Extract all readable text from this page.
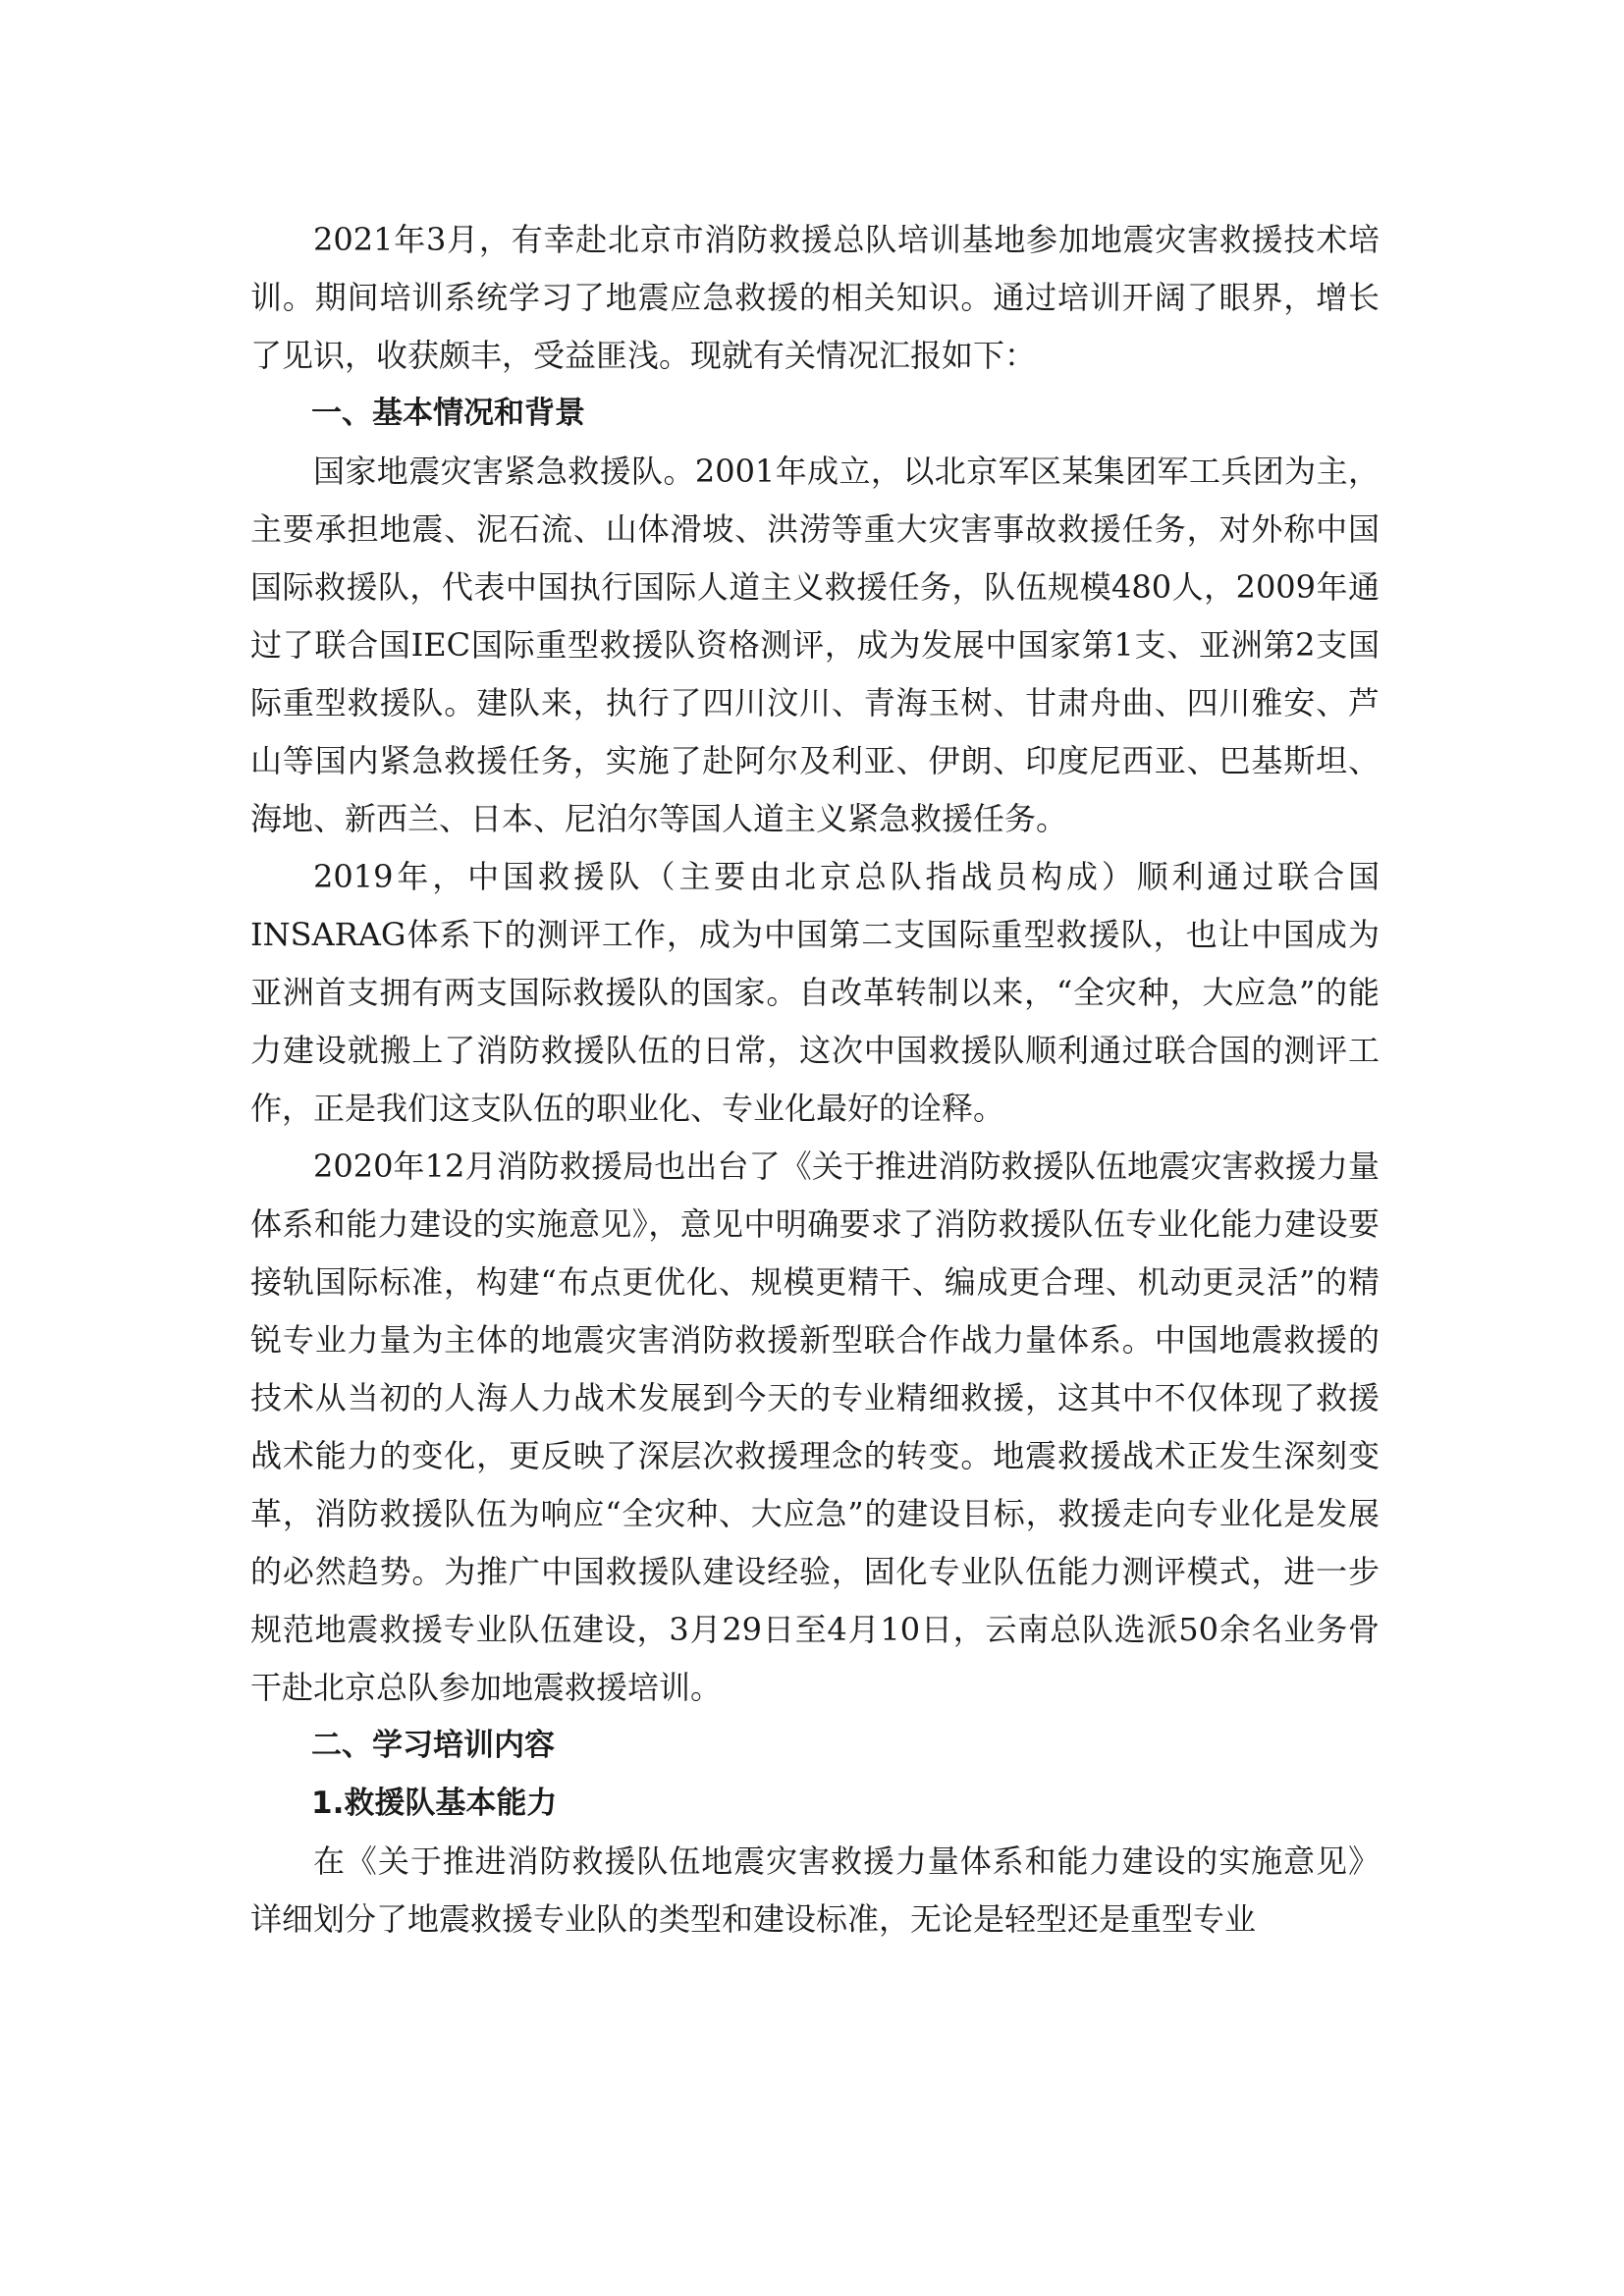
2021年3月，有幸赴北京市消防救援总队培训基地参加地震灾害救援技术培训。期间培训系统学习了地震应急救援的相关知识。通过培训开阔了眼界，增长了见识，收获颇丰，受益匪浅。现就有关情况汇报如下：

一、基本情况和背景

国家地震灾害紧急救援队。2001年成立，以北京军区某集团军工兵团为主，主要承担地震、泥石流、山体滑坡、洪涝等重大灾害事故救援任务，对外称中国国际救援队，代表中国执行国际人道主义救援任务，队伍规模480人，2009年通过了联合国IEC国际重型救援队资格测评，成为发展中国家第1支、亚洲第2支国际重型救援队。建队来，执行了四川汶川、青海玉树、甘肃舟曲、四川雅安、芦山等国内紧急救援任务，实施了赴阿尔及利亚、伊朗、印度尼西亚、巴基斯坦、海地、新西兰、日本、尼泊尔等国人道主义紧急救援任务。

2019年，中国救援队（主要由北京总队指战员构成）顺利通过联合国INSARAG体系下的测评工作，成为中国第二支国际重型救援队，也让中国成为亚洲首支拥有两支国际救援队的国家。自改革转制以来，“全灾种，大应急”的能力建设就搬上了消防救援队伍的日常，这次中国救援队顺利通过联合国的测评工作，正是我们这支队伍的职业化、专业化最好的诠释。

2020年12月消防救援局也出台了《关于推进消防救援队伍地震灾害救援力量体系和能力建设的实施意见》，意见中明确要求了消防救援队伍专业化能力建设要接轨国际标准，构建“布点更优化、规模更精干、编成更合理、机动更灵活”的精锐专业力量为主体的地震灾害消防救援新型联合作战力量体系。中国地震救援的技术从当初的人海人力战术发展到今天的专业精细救援，这其中不仅体现了救援战术能力的变化，更反映了深层次救援理念的转变。地震救援战术正发生深刻变革，消防救援队伍为响应“全灾种、大应急”的建设目标，救援走向专业化是发展的必然趋势。为推广中国救援队建设经验，固化专业队伍能力测评模式，进一步规范地震救援专业队伍建设，3月29日至4月10日，云南总队选派50余名业务骨干赴北京总队参加地震救援培训。

二、学习培训内容

1.救援队基本能力

在《关于推进消防救援队伍地震灾害救援力量体系和能力建设的实施意见》详细划分了地震救援专业队的类型和建设标准，无论是轻型还是重型专业
